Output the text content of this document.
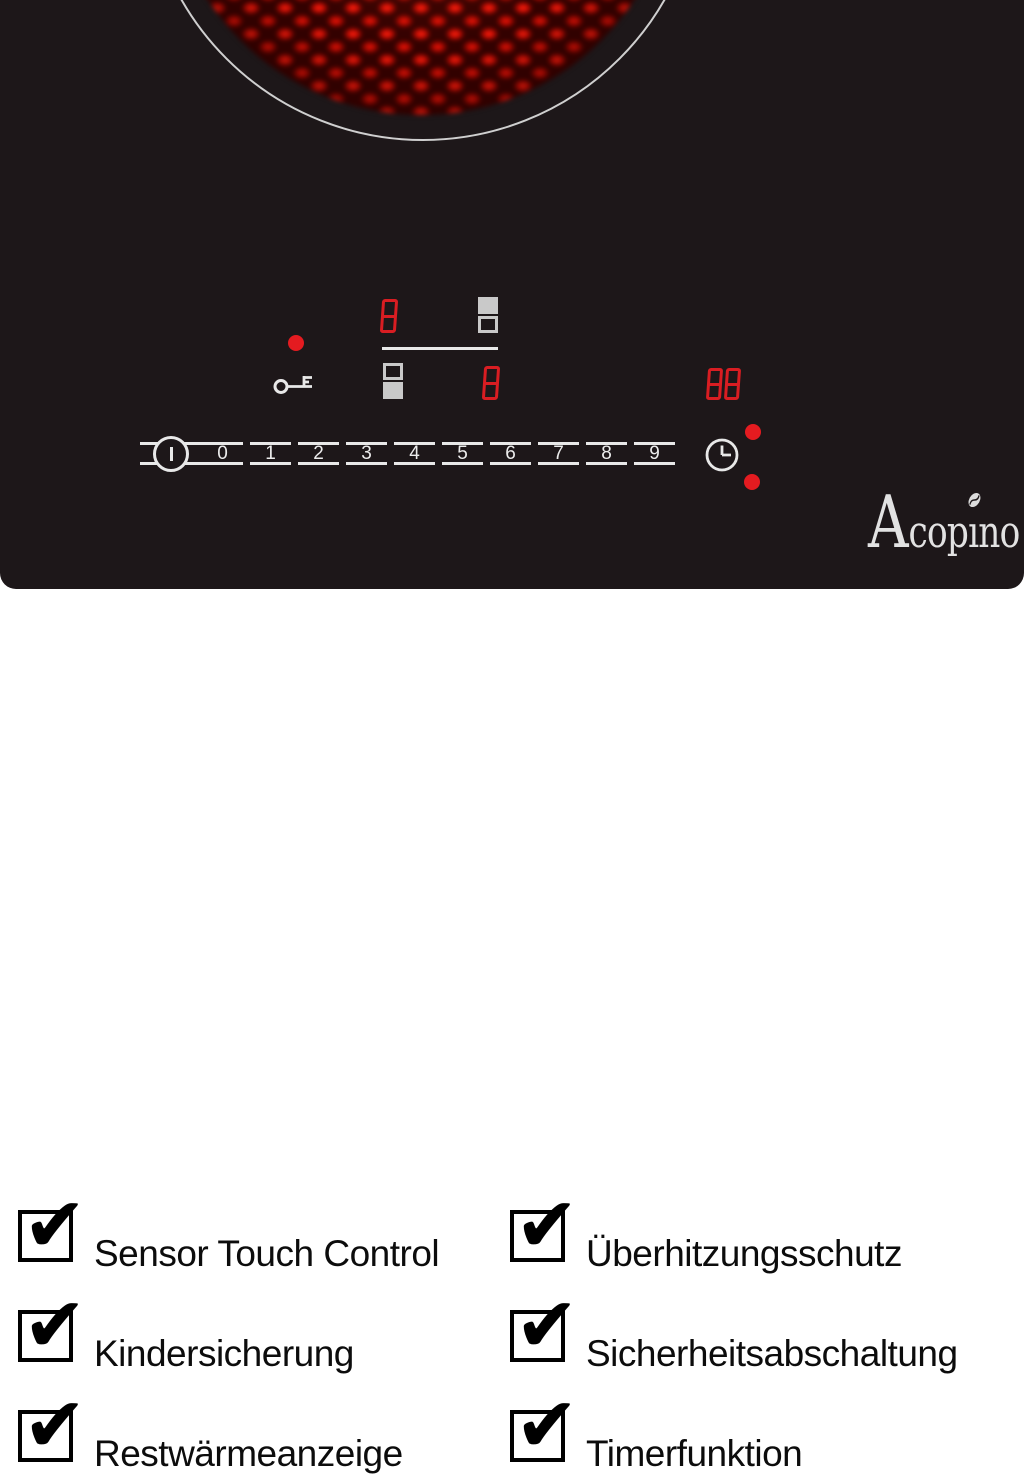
0	1	2	3	4	5	6	7	8	9
A cop ı no
✔ Sensor Touch Control ✔ Überhitzungsschutz
✔ Kindersicherung ✔ Sicherheitsabschaltung
✔ Restwärmeanzeige ✔ Timerfunktion
